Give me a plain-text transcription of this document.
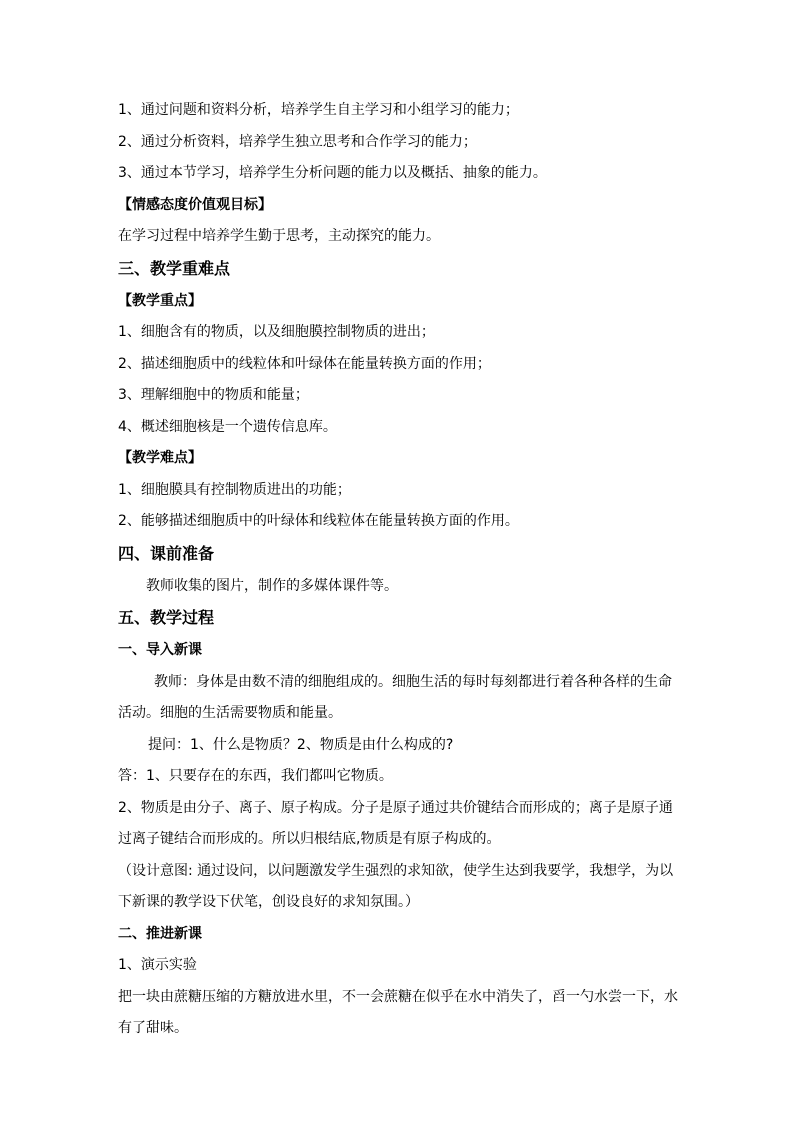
1、通过问题和资料分析，培养学生自主学习和小组学习的能力；
2、通过分析资料，培养学生独立思考和合作学习的能力；
3、通过本节学习，培养学生分析问题的能力以及概括、抽象的能力。
【情感态度价值观目标】
在学习过程中培养学生勤于思考，主动探究的能力。
三、教学重难点
【教学重点】
1、细胞含有的物质，以及细胞膜控制物质的进出；
2、描述细胞质中的线粒体和叶绿体在能量转换方面的作用；
3、理解细胞中的物质和能量；
4、概述细胞核是一个遗传信息库。
【教学难点】
1、细胞膜具有控制物质进出的功能；
2、能够描述细胞质中的叶绿体和线粒体在能量转换方面的作用。
四、课前准备
教师收集的图片，制作的多媒体课件等。
五、教学过程
一、导入新课
教师：身体是由数不清的细胞组成的。细胞生活的每时每刻都进行着各种各样的生命活动。细胞的生活需要物质和能量。
提问：1、什么是物质？2、物质是由什么构成的?
答：1、只要存在的东西，我们都叫它物质。
2、物质是由分子、离子、原子构成。分子是原子通过共价键结合而形成的；离子是原子通过离子键结合而形成的。所以归根结底,物质是有原子构成的。
（设计意图: 通过设问，以问题激发学生强烈的求知欲，使学生达到我要学，我想学，为以下新课的教学设下伏笔，创设良好的求知氛围。）
二、推进新课
1、演示实验
把一块由蔗糖压缩的方糖放进水里，不一会蔗糖在似乎在水中消失了，舀一勺水尝一下，水有了甜味。
